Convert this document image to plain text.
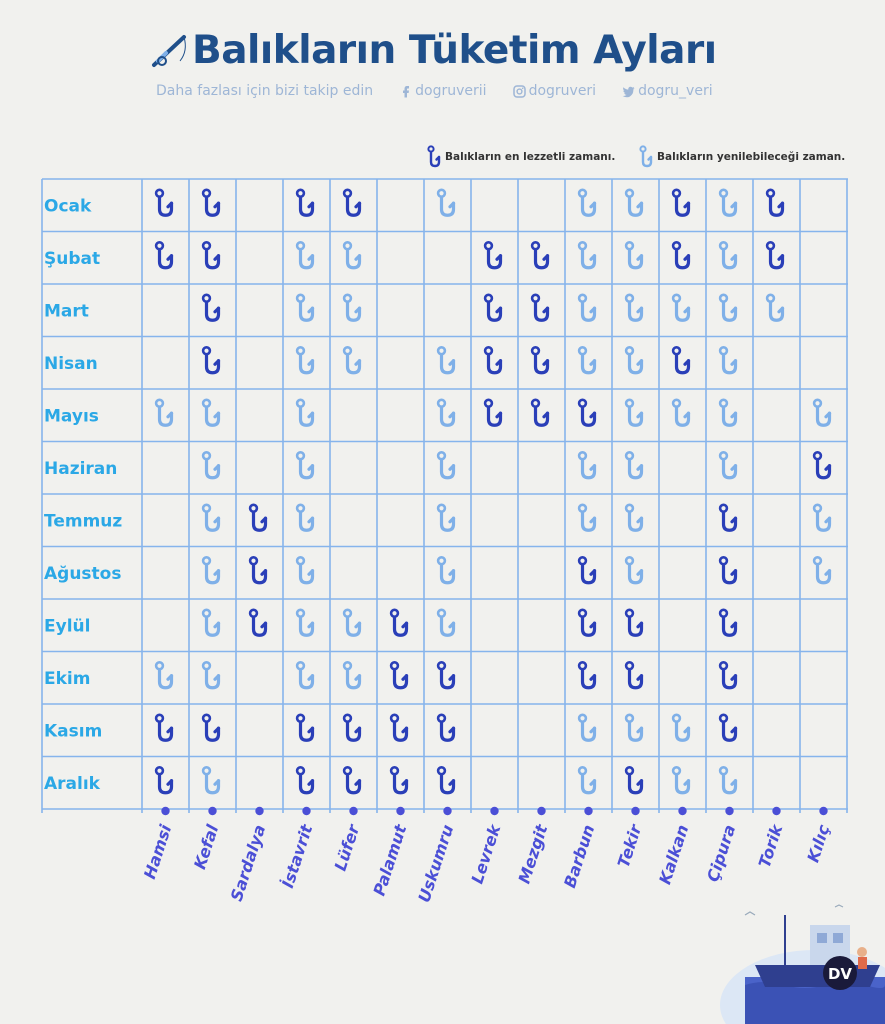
Balıkların Tüketim Ayları
Daha fazlası için bizi takip edin	dogruverii	dogruveri	dogru_veri
Balıkların en lezzetli zamanı.	Balıkların yenilebileceği zaman.
Ocak
Şubat
Mart
Nisan
Mayıs
Haziran
Temmuz
Ağustos
Eylül
Ekim
Kasım
Aralık
Hamsi Kefal Sardalya İstavrit Lüfer Palamut Uskumru Levrek Mezgit Barbun Tekir Kalkan Çipura Torik Kılıç
DV
